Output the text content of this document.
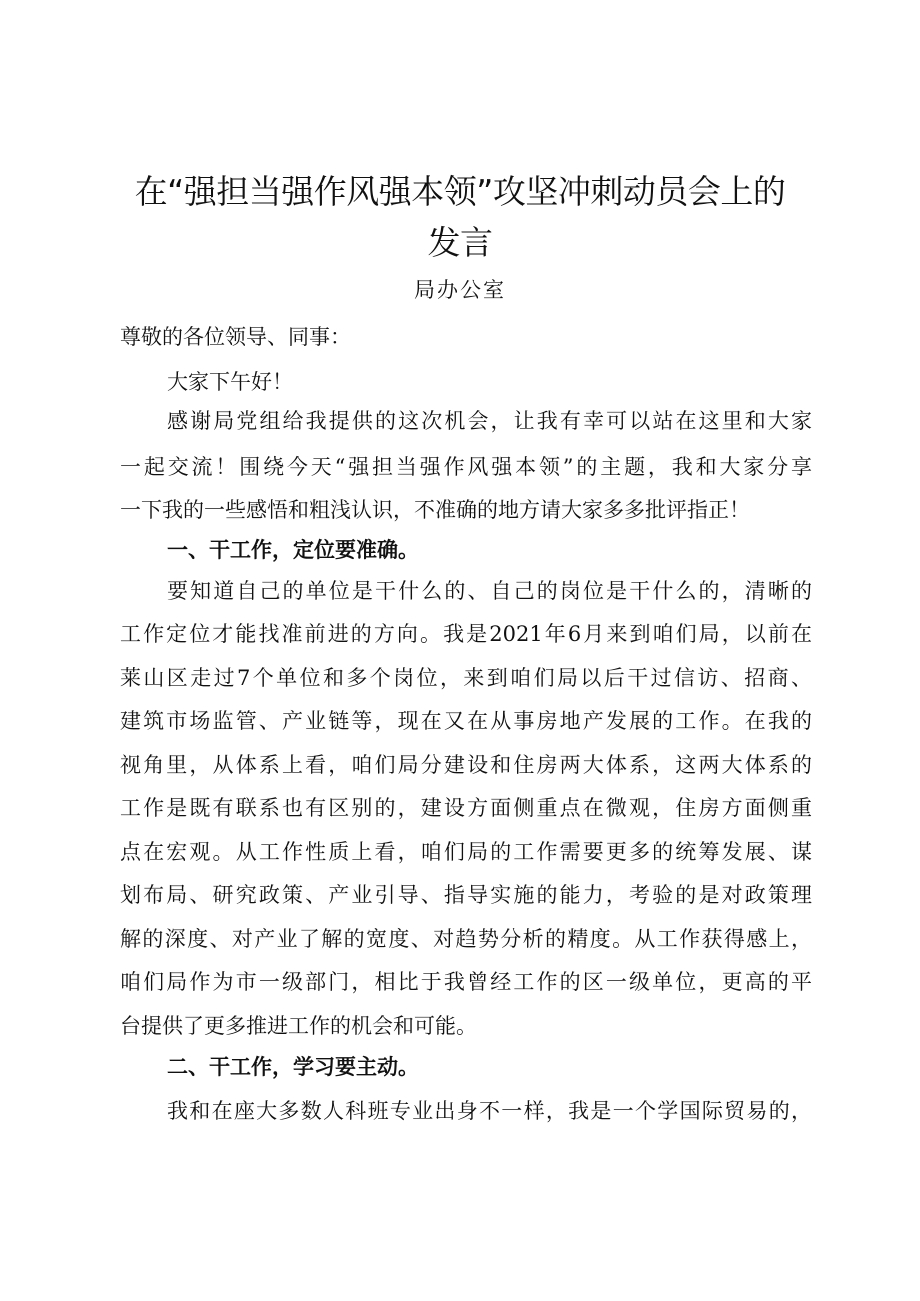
在“强担当强作风强本领”攻坚冲刺动员会上的
发言
局办公室
尊敬的各位领导、同事：
大家下午好！
感谢局党组给我提供的这次机会，让我有幸可以站在这里和大家
一起交流！围绕今天“强担当强作风强本领”的主题，我和大家分享
一下我的一些感悟和粗浅认识，不准确的地方请大家多多批评指正！
一、干工作，定位要准确。
要知道自己的单位是干什么的、自己的岗位是干什么的，清晰的
工作定位才能找准前进的方向。我是2021年6月来到咱们局，以前在
莱山区走过7个单位和多个岗位，来到咱们局以后干过信访、招商、
建筑市场监管、产业链等，现在又在从事房地产发展的工作。在我的
视角里，从体系上看，咱们局分建设和住房两大体系，这两大体系的
工作是既有联系也有区别的，建设方面侧重点在微观，住房方面侧重
点在宏观。从工作性质上看，咱们局的工作需要更多的统筹发展、谋
划布局、研究政策、产业引导、指导实施的能力，考验的是对政策理
解的深度、对产业了解的宽度、对趋势分析的精度。从工作获得感上，
咱们局作为市一级部门，相比于我曾经工作的区一级单位，更高的平
台提供了更多推进工作的机会和可能。
二、干工作，学习要主动。
我和在座大多数人科班专业出身不一样，我是一个学国际贸易的，
